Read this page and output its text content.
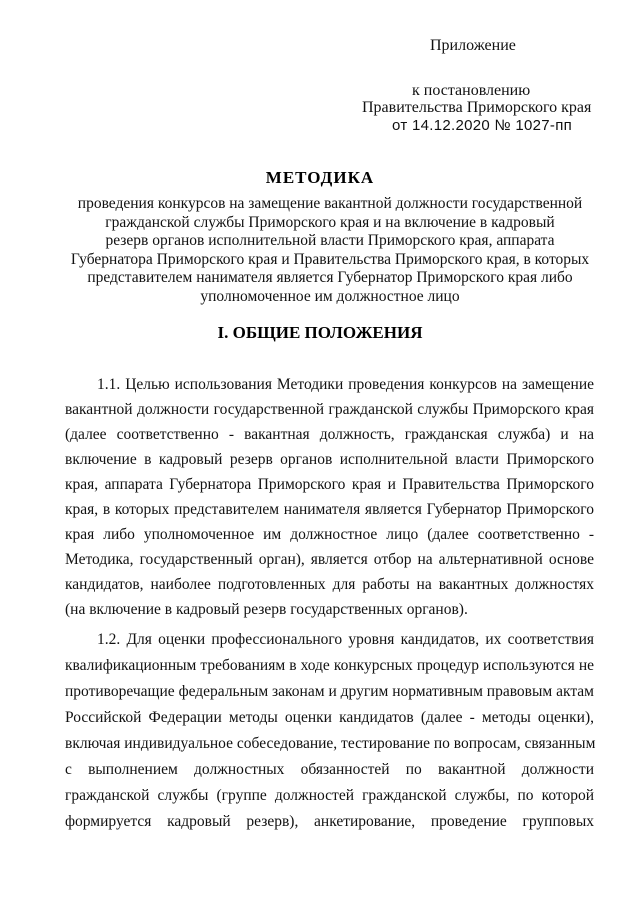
Приложение
к постановлению
Правительства Приморского края
от 14.12.2020 № 1027-пп
МЕТОДИКА
проведения конкурсов на замещение вакантной должности государственной
гражданской службы Приморского края и на включение в кадровый
резерв органов исполнительной власти Приморского края, аппарата
Губернатора Приморского края и Правительства Приморского края, в которых
представителем нанимателя является Губернатор Приморского края либо
уполномоченное им должностное лицо
I. ОБЩИЕ ПОЛОЖЕНИЯ
1.1. Целью использования Методики проведения конкурсов на замещение
вакантной должности государственной гражданской службы Приморского края
(далее соответственно - вакантная должность, гражданская служба) и на
включение в кадровый резерв органов исполнительной власти Приморского
края, аппарата Губернатора Приморского края и Правительства Приморского
края, в которых представителем нанимателя является Губернатор Приморского
края либо уполномоченное им должностное лицо (далее соответственно -
Методика, государственный орган), является отбор на альтернативной основе
кандидатов, наиболее подготовленных для работы на вакантных должностях
(на включение в кадровый резерв государственных органов).
1.2. Для оценки профессионального уровня кандидатов, их соответствия
квалификационным требованиям в ходе конкурсных процедур используются не
противоречащие федеральным законам и другим нормативным правовым актам
Российской Федерации методы оценки кандидатов (далее - методы оценки),
включая индивидуальное собеседование, тестирование по вопросам, связанным
с выполнением должностных обязанностей по вакантной должности
гражданской службы (группе должностей гражданской службы, по которой
формируется кадровый резерв), анкетирование, проведение групповых
